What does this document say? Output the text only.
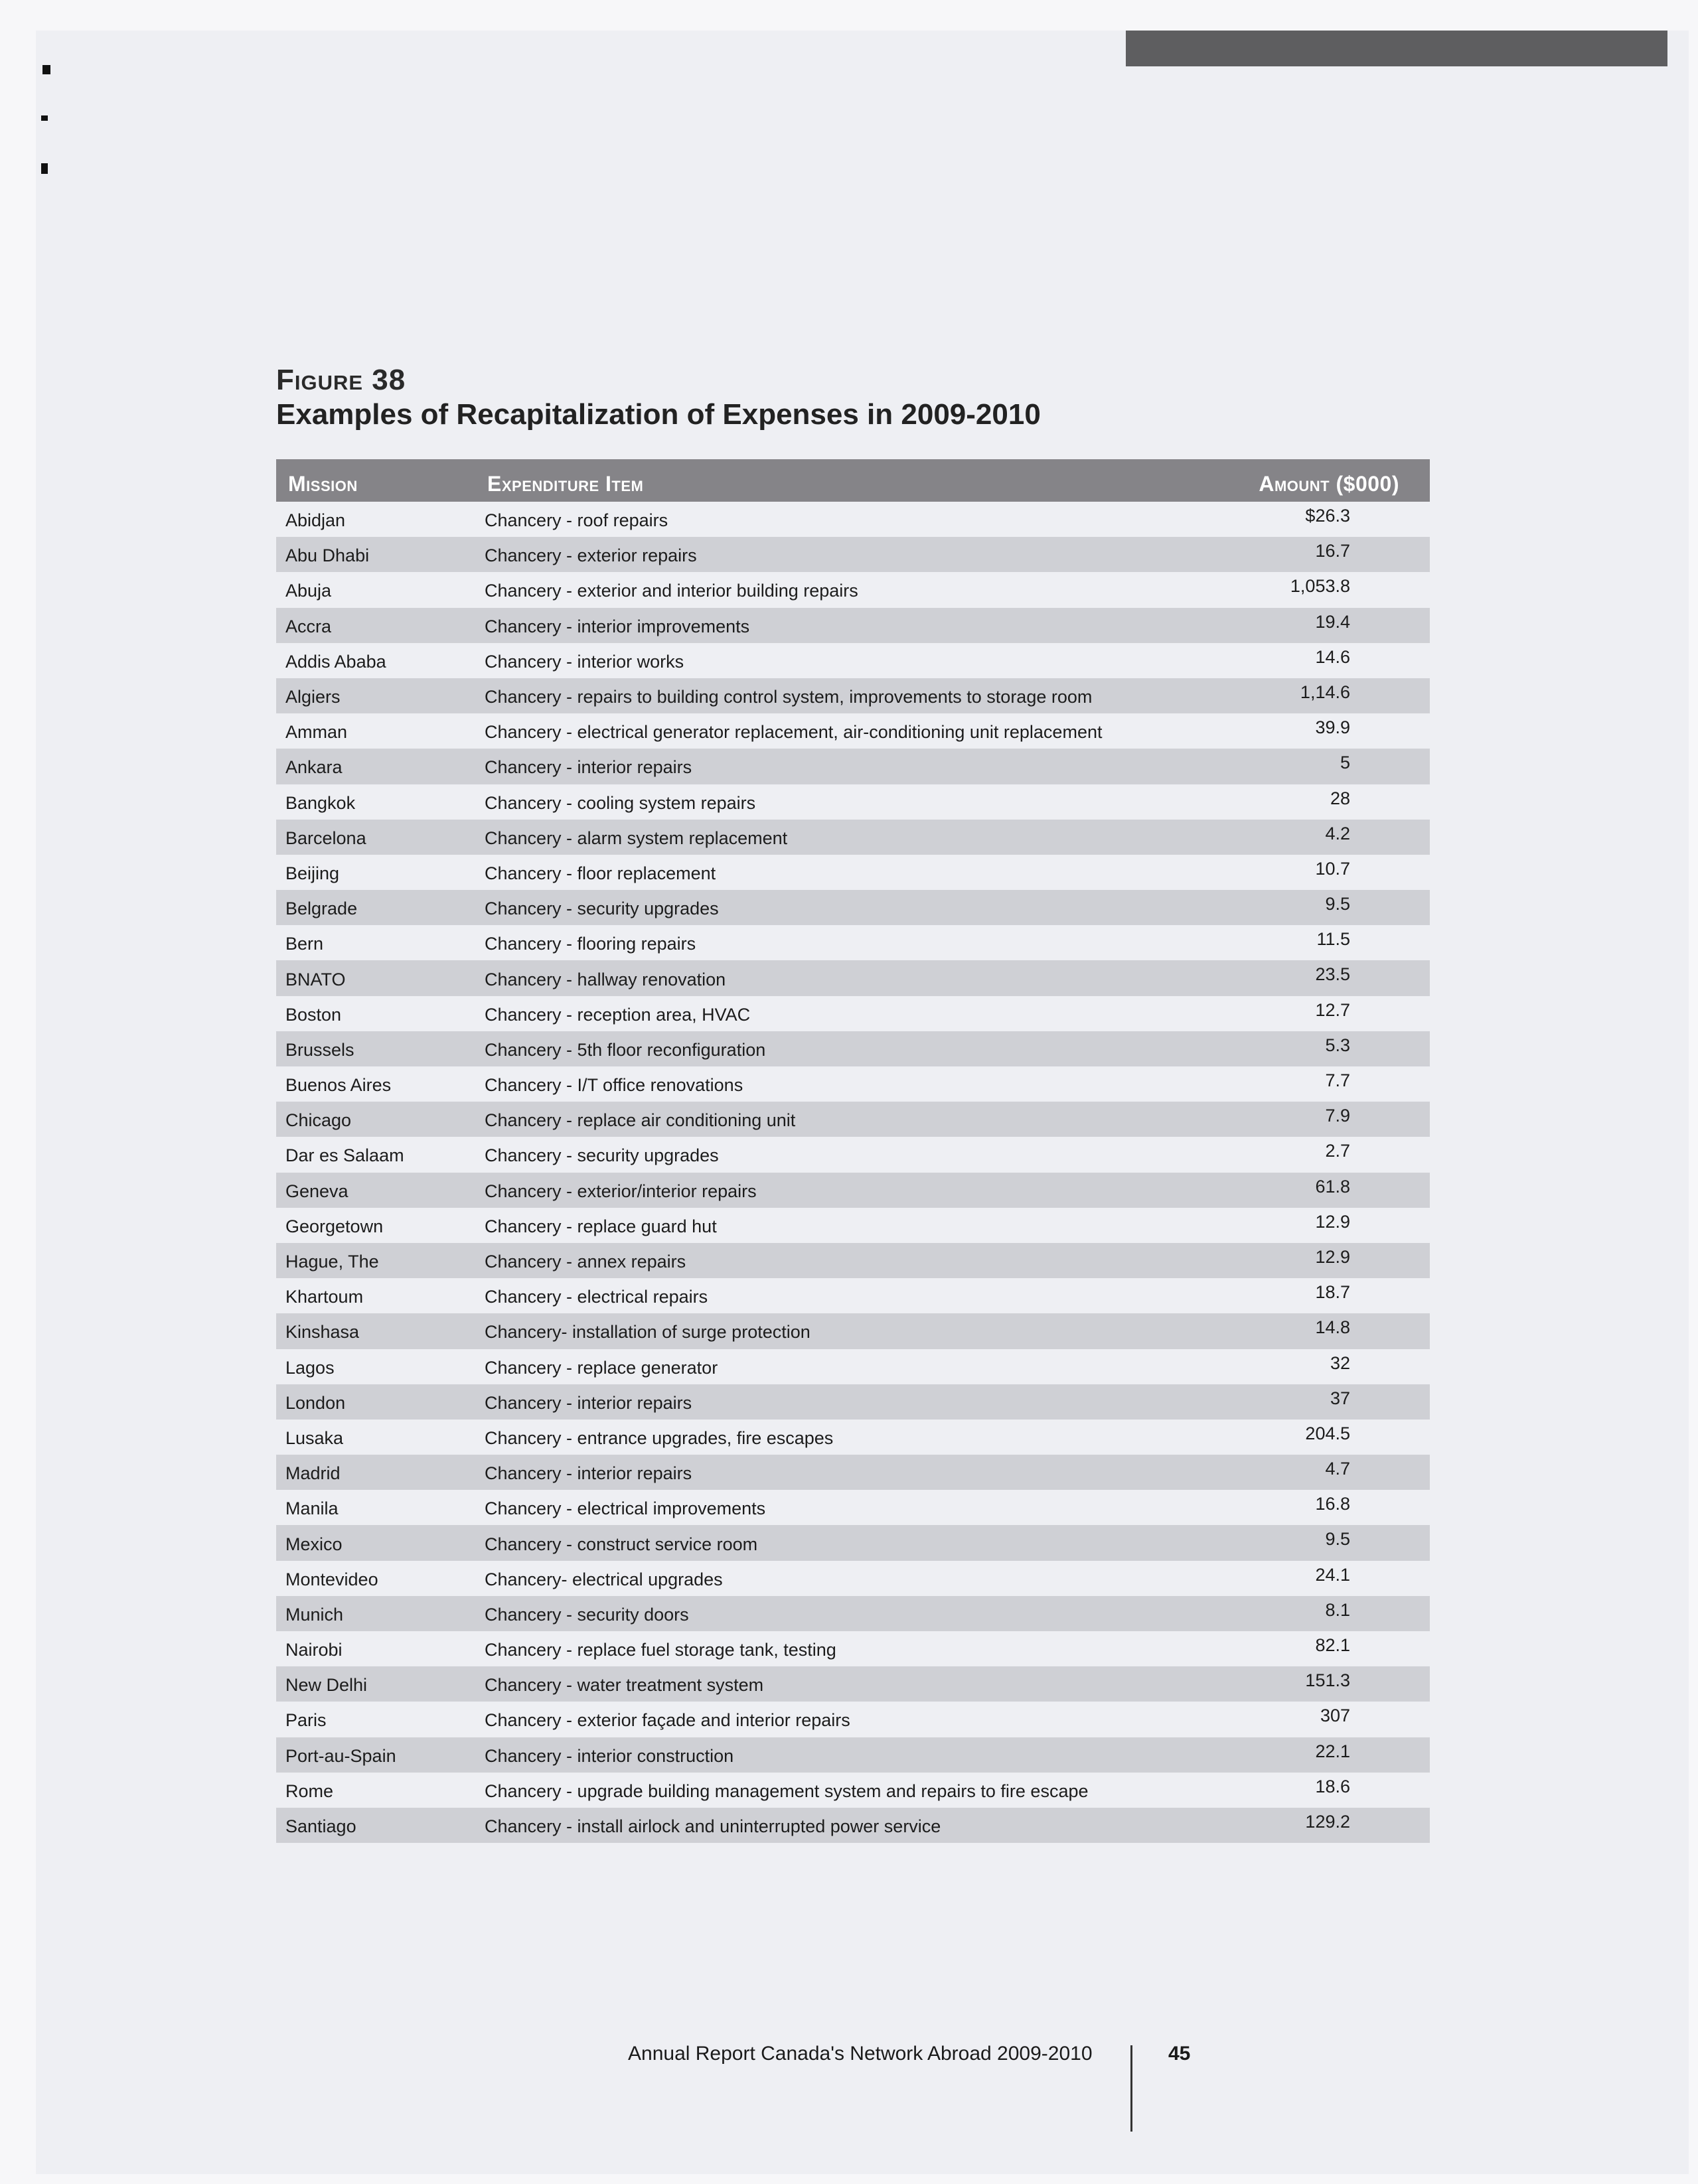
Figure 38
Examples of Recapitalization of Expenses in 2009-2010
Mission	Expenditure Item	Amount ($000)
Abidjan	Chancery - roof repairs	$26.3
Abu Dhabi	Chancery - exterior repairs	16.7
Abuja	Chancery - exterior and interior building repairs	1,053.8
Accra	Chancery - interior improvements	19.4
Addis Ababa	Chancery - interior works	14.6
Algiers	Chancery - repairs to building control system, improvements to storage room	1,14.6
Amman	Chancery - electrical generator replacement, air-conditioning unit replacement	39.9
Ankara	Chancery - interior repairs	5
Bangkok	Chancery - cooling system repairs	28
Barcelona	Chancery - alarm system replacement	4.2
Beijing	Chancery - floor replacement	10.7
Belgrade	Chancery - security upgrades	9.5
Bern	Chancery - flooring repairs	11.5
BNATO	Chancery - hallway renovation	23.5
Boston	Chancery - reception area, HVAC	12.7
Brussels	Chancery - 5th floor reconfiguration	5.3
Buenos Aires	Chancery - I/T office renovations	7.7
Chicago	Chancery - replace air conditioning unit	7.9
Dar es Salaam	Chancery - security upgrades	2.7
Geneva	Chancery - exterior/interior repairs	61.8
Georgetown	Chancery - replace guard hut	12.9
Hague, The	Chancery - annex repairs	12.9
Khartoum	Chancery - electrical repairs	18.7
Kinshasa	Chancery- installation of surge protection	14.8
Lagos	Chancery - replace generator	32
London	Chancery - interior repairs	37
Lusaka	Chancery - entrance upgrades, fire escapes	204.5
Madrid	Chancery - interior repairs	4.7
Manila	Chancery - electrical improvements	16.8
Mexico	Chancery - construct service room	9.5
Montevideo	Chancery- electrical upgrades	24.1
Munich	Chancery - security doors	8.1
Nairobi	Chancery - replace fuel storage tank, testing	82.1
New Delhi	Chancery - water treatment system	151.3
Paris	Chancery - exterior façade and interior repairs	307
Port-au-Spain	Chancery - interior construction	22.1
Rome	Chancery - upgrade building management system and repairs to fire escape	18.6
Santiago	Chancery - install airlock and uninterrupted power service	129.2
Annual Report Canada's Network Abroad 2009-2010	45
